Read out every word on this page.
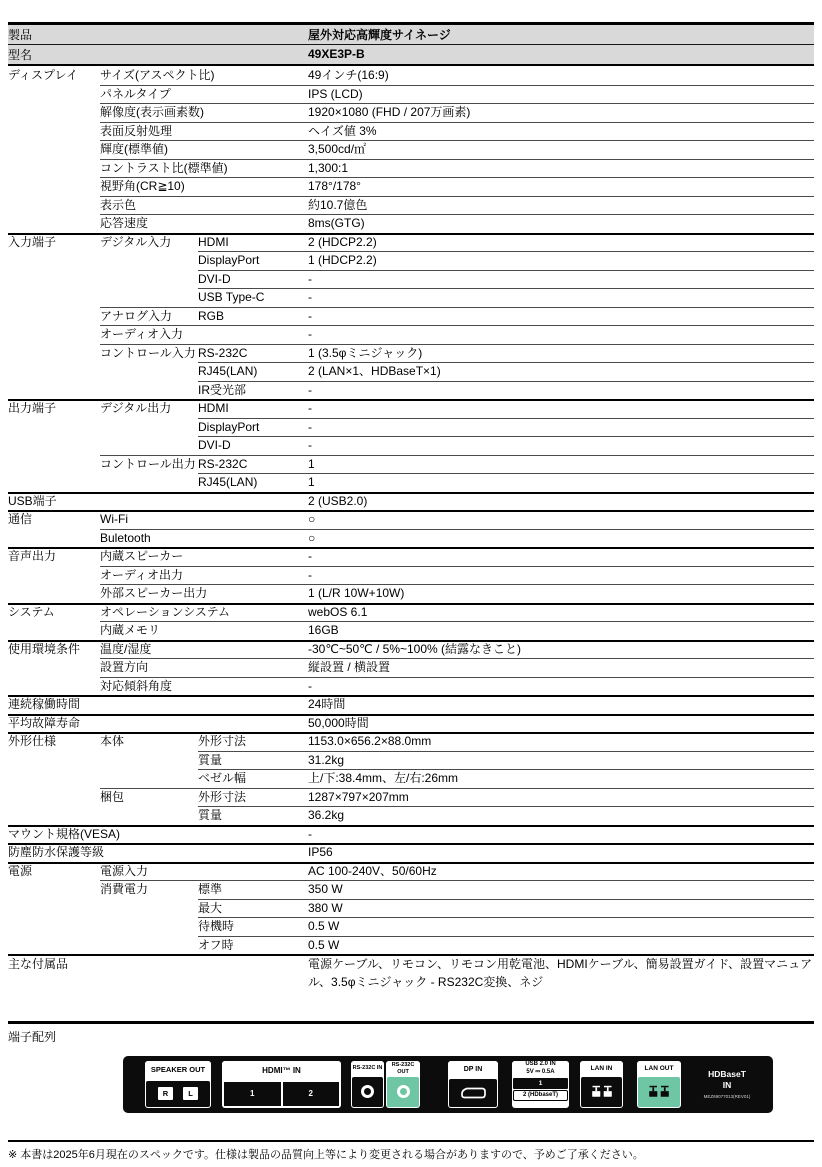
製品	屋外対応高輝度サイネージ
型名	49XE3P-B
ディスプレイ	サイズ(アスペクト比)	49インチ(16:9)
パネルタイプ	IPS (LCD)
解像度(表示画素数)	1920×1080 (FHD / 207万画素)
表面反射処理	ヘイズ値 3%
輝度(標準値)	3,500cd/㎡
コントラスト比(標準値)	1,300:1
視野角(CR≧10)	178°/178°
表示色	約10.7億色
応答速度	8ms(GTG)
入力端子	デジタル入力	HDMI	2 (HDCP2.2)
DisplayPort	1 (HDCP2.2)
DVI-D	-
USB Type-C	-
アナログ入力	RGB	-
オーディオ入力	-
コントロール入力 RS-232C	1 (3.5φミニジャック)
RJ45(LAN)	2 (LAN×1、HDBaseT×1)
IR受光部	-
出力端子	デジタル出力	HDMI	-
DisplayPort	-
DVI-D	-
コントロール出力 RS-232C	1
RJ45(LAN)	1
USB端子	2 (USB2.0)
通信	Wi-Fi	○
Buletooth	○
音声出力	内蔵スピーカー	-
オーディオ出力	-
外部スピーカー出力	1 (L/R 10W+10W)
システム	オペレーションシステム	webOS 6.1
内蔵メモリ	16GB
使用環境条件	温度/湿度	-30℃~50℃ / 5%~100% (結露なきこと)
設置方向	縦設置 / 横設置
対応傾斜角度	-
連続稼働時間	24時間
平均故障寿命	50,000時間
外形仕様	本体	外形寸法	1153.0×656.2×88.0mm
質量	31.2kg
ベゼル幅	上/下:38.4mm、左/右:26mm
梱包	外形寸法	1287×797×207mm
質量	36.2kg
マウント規格(VESA)	-
防塵防水保護等級	IP56
電源	電源入力	AC 100-240V、50/60Hz
消費電力	標準	350 W
最大	380 W
待機時	0.5 W
オフ時	0.5 W
主な付属品	電源ケーブル、リモコン、リモコン用乾電池、HDMIケーブル、簡易設置ガイド、設置マニュアル、3.5φミニジャック - RS232C変換、ネジ
端子配列
SPEAKER OUT
R	L
HDMI™ IN
1	2
RS-232C IN
RS-232C OUT	DP IN
USB 2.0 IN
5V ⎓ 0.5A
1
2 (HDbaseT)
LAN IN	LAN OUT
HDBaseT IN
MEZ69077013(REV01)
※ 本書は2025年6月現在のスペックです。仕様は製品の品質向上等により変更される場合がありますので、予めご了承ください。
